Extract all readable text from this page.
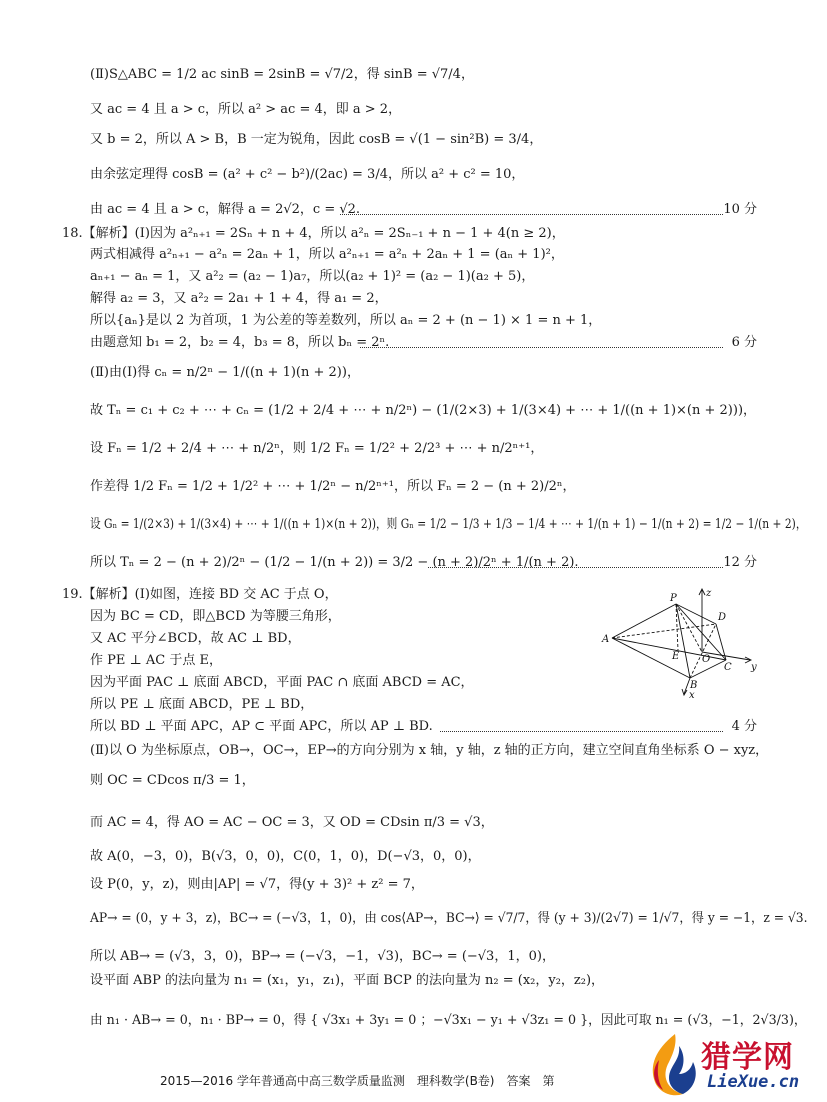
(Ⅱ)S△ABC = 1/2 ac sinB = 2sinB = √7/2，得 sinB = √7/4，
又 ac = 4 且 a > c，所以 a² > ac = 4，即 a > 2，
又 b = 2，所以 A > B，B 一定为锐角，因此 cosB = √(1 − sin²B) = 3/4，
由余弦定理得 cosB = (a² + c² − b²)/(2ac) = 3/4，所以 a² + c² = 10，
由 ac = 4 且 a > c，解得 a = 2√2，c = √2.
18.【解析】(Ⅰ)因为 a²ₙ₊₁ = 2Sₙ + n + 4，所以 a²ₙ = 2Sₙ₋₁ + n − 1 + 4(n ≥ 2)，
两式相减得 a²ₙ₊₁ − a²ₙ = 2aₙ + 1，所以 a²ₙ₊₁ = a²ₙ + 2aₙ + 1 = (aₙ + 1)²，
aₙ₊₁ − aₙ = 1，又 a²₂ = (a₂ − 1)a₇，所以(a₂ + 1)² = (a₂ − 1)(a₂ + 5)，
解得 a₂ = 3，又 a²₂ = 2a₁ + 1 + 4，得 a₁ = 2，
所以{aₙ}是以 2 为首项，1 为公差的等差数列，所以 aₙ = 2 + (n − 1) × 1 = n + 1，
由题意知 b₁ = 2，b₂ = 4，b₃ = 8，所以 bₙ = 2ⁿ.
(Ⅱ)由(Ⅰ)得 cₙ = n/2ⁿ − 1/((n + 1)(n + 2))，
故 Tₙ = c₁ + c₂ + ⋯ + cₙ = (1/2 + 2/4 + ⋯ + n/2ⁿ) − (1/(2×3) + 1/(3×4) + ⋯ + 1/((n + 1)×(n + 2)))，
设 Fₙ = 1/2 + 2/4 + ⋯ + n/2ⁿ，则 1/2 Fₙ = 1/2² + 2/2³ + ⋯ + n/2ⁿ⁺¹，
作差得 1/2 Fₙ = 1/2 + 1/2² + ⋯ + 1/2ⁿ − n/2ⁿ⁺¹，所以 Fₙ = 2 − (n + 2)/2ⁿ，
设 Gₙ = 1/(2×3) + 1/(3×4) + ⋯ + 1/((n + 1)×(n + 2))，则 Gₙ = 1/2 − 1/3 + 1/3 − 1/4 + ⋯ + 1/(n + 1) − 1/(n + 2) = 1/2 − 1/(n + 2)，
所以 Tₙ = 2 − (n + 2)/2ⁿ − (1/2 − 1/(n + 2)) = 3/2 − (n + 2)/2ⁿ + 1/(n + 2).
19.【解析】(Ⅰ)如图，连接 BD 交 AC 于点 O，
因为 BC = CD，即△BCD 为等腰三角形，
又 AC 平分∠BCD，故 AC ⊥ BD，
作 PE ⊥ AC 于点 E，
因为平面 PAC ⊥ 底面 ABCD，平面 PAC ∩ 底面 ABCD = AC，
所以 PE ⊥ 底面 ABCD，PE ⊥ BD，
所以 BD ⊥ 平面 APC，AP ⊂ 平面 APC，所以 AP ⊥ BD.
(Ⅱ)以 O 为坐标原点，OB→，OC→，EP→的方向分别为 x 轴，y 轴，z 轴的正方向，建立空间直角坐标系 O − xyz，
则 OC = CDcos π/3 = 1，
而 AC = 4，得 AO = AC − OC = 3，又 OD = CDsin π/3 = √3，
故 A(0，−3，0)，B(√3，0，0)，C(0，1，0)，D(−√3，0，0)，
设 P(0，y，z)，则由|AP| = √7，得(y + 3)² + z² = 7，
AP→ = (0，y + 3，z)，BC→ = (−√3，1，0)，由 cos⟨AP→，BC→⟩ = √7/7，得 (y + 3)/(2√7) = 1/√7，得 y = −1，z = √3.
所以 AB→ = (√3，3，0)，BP→ = (−√3，−1，√3)，BC→ = (−√3，1，0)，
设平面 ABP 的法向量为 n₁ = (x₁，y₁，z₁)，平面 BCP 的法向量为 n₂ = (x₂，y₂，z₂)，
由 n₁ · AB→ = 0，n₁ · BP→ = 0，得 { √3x₁ + 3y₁ = 0 ；−√3x₁ − y₁ + √3z₁ = 0 }，因此可取 n₁ = (√3，−1，2√3/3)，
10 分
6 分
12 分
4 分
P
D
A
E O
C
B
x
y
z
2015—2016 学年普通高中高三数学质量监测　理科数学(B卷)　答案　第
猎学网
LieXue.cn
